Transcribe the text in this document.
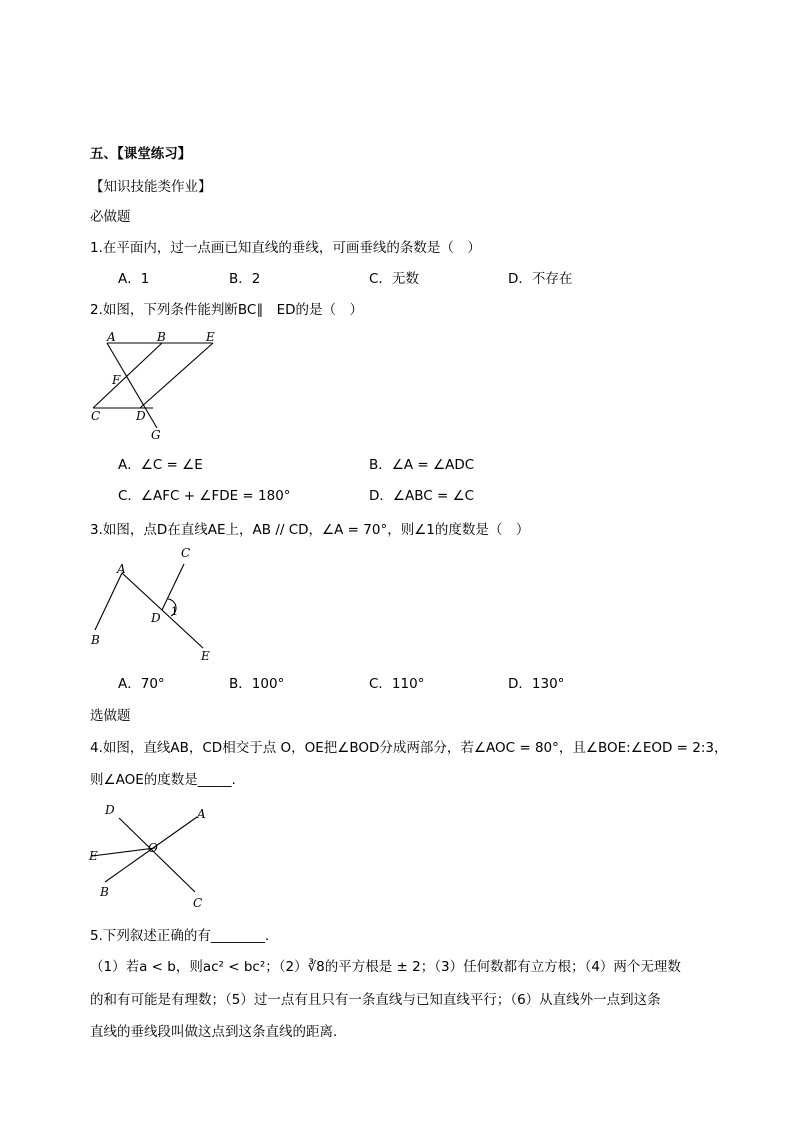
五、【课堂练习】
【知识技能类作业】
必做题
1.在平面内，过一点画已知直线的垂线，可画垂线的条数是（　）
A．1	B．2	C．无数	D．不存在
2.如图，下列条件能判断BC∥　ED的是（　）
A	B	E
F
C	D
G
A．∠C = ∠E	B．∠A = ∠ADC
C．∠AFC + ∠FDE = 180°	D．∠ABC = ∠C
3.如图，点D在直线AE上，AB // CD，∠A = 70°，则∠1的度数是（　）
C
A
D 1
B
E
A．70°	B．100°	C．110°	D．130°
选做题
4.如图，直线AB，CD相交于点 O，OE把∠BOD分成两部分，若∠AOC = 80°，且∠BOE:∠EOD = 2:3，
则∠AOE的度数是_____.
D	A
E
O
B
C
5.下列叙述正确的有________.
（1）若a < b，则ac² < bc²；（2）∛8的平方根是 ± 2；（3）任何数都有立方根；（4）两个无理数
的和有可能是有理数；（5）过一点有且只有一条直线与已知直线平行；（6）从直线外一点到这条
直线的垂线段叫做这点到这条直线的距离.
